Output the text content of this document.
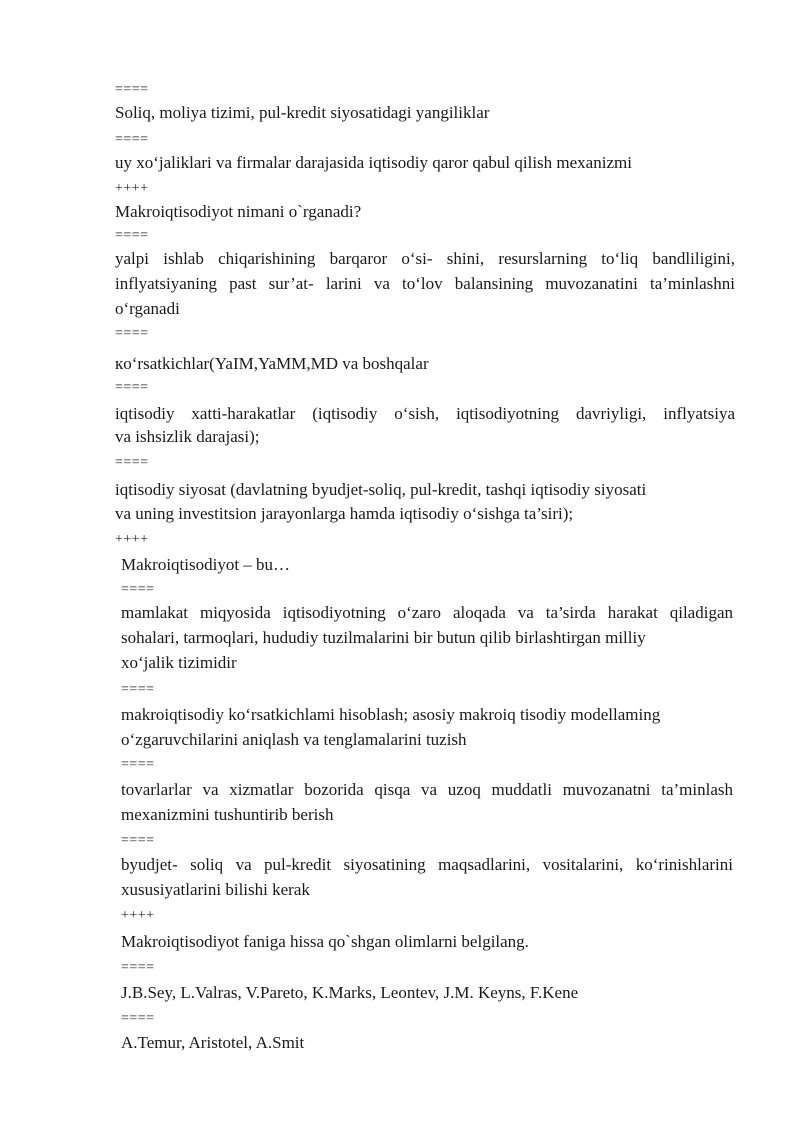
====
Soliq, moliya tizimi, pul-kredit siyosatidagi yangiliklar
====
uy xo‘jaliklari va firmalar darajasida iqtisodiy qaror qabul qilish mexanizmi
++++
Makroiqtisodiyot nimani o`rganadi?
====
yalpi ishlab chiqarishining barqaror o‘si- shini, resurslarning to‘liq bandliligini,
inflyatsiyaning past sur’at- larini va to‘lov balansining muvozanatini ta’minlashni
o‘rganadi
====
кo‘rsatkichlar(YaIM,YaMM,MD va boshqalar
====
iqtisodiy xatti-harakatlar (iqtisodiy o‘sish, iqtisodiyotning davriyligi, inflyatsiya
va ishsizlik darajasi);
====
iqtisodiy siyosat (davlatning byudjet-soliq, pul-kredit, tashqi iqtisodiy siyosati
va uning investitsion jarayonlarga hamda iqtisodiy o‘sishga ta’siri);
++++
Makroiqtisodiyot – bu…
====
mamlakat miqyosida iqtisodiyotning o‘zaro aloqada va ta’sirda harakat qiladigan
sohalari, tarmoqlari, hududiy tuzilmalarini bir butun qilib birlashtirgan milliy
xo‘jalik tizimidir
====
makroiqtisodiy ko‘rsatkichlami hisoblash; asosiy makroiq tisodiy modellaming
o‘zgaruvchilarini aniqlash va tenglamalarini tuzish
====
tovarlarlar va xizmatlar bozorida qisqa va uzoq muddatli muvozanatni ta’minlash
mexanizmini tushuntirib berish
====
byudjet- soliq va pul-kredit siyosatining maqsadlarini, vositalarini, ko‘rinishlarini
xususiyatlarini bilishi kerak
++++
Makroiqtisodiyot faniga hissa qo`shgan olimlarni belgilang.
====
J.B.Sey, L.Valras, V.Pareto, K.Marks, Leontev, J.M. Keyns, F.Kene
====
A.Temur, Aristotel, A.Smit
